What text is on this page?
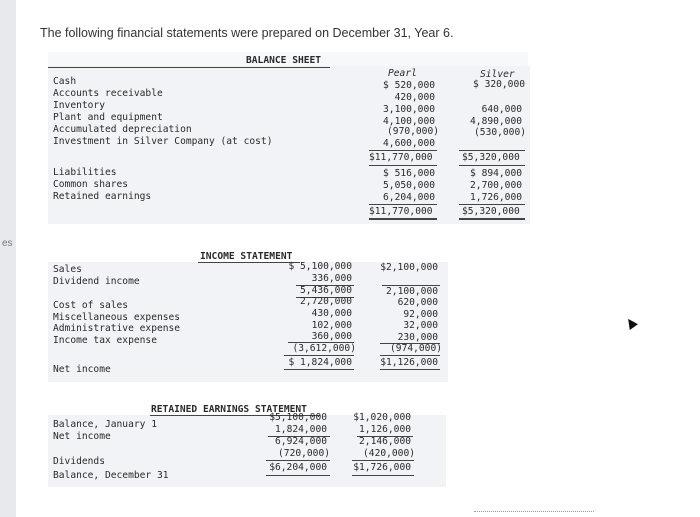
es
The following financial statements were prepared on December 31, Year 6.
BALANCE SHEET
Pearl	Silver
Cash
Accounts receivable
Inventory
Plant and equipment
Accumulated depreciation
Investment in Silver Company (at cost)
$ 520,000
420,000
3,100,000
4,100,000
(970,000)
4,600,000
$11,770,000
$ 320,000
640,000
4,890,000
(530,000)
$5,320,000
Liabilities
Common shares
Retained earnings
$ 516,000
5,050,000
6,204,000
$11,770,000
$ 894,000
2,700,000
1,726,000
$5,320,000
INCOME STATEMENT
Sales
Dividend income
$ 5,100,000
336,000
5,436,000
$2,100,000
Cost of sales
Miscellaneous expenses
Administrative expense
Income tax expense
2,720,000
430,000
102,000
360,000
(3,612,000)
$ 1,824,000
2,100,000
620,000
92,000
32,000
230,000
(974,000)
$1,126,000
Net income
RETAINED EARNINGS STATEMENT
Balance, January 1
Net income
Dividends
Balance, December 31
$5,100,000
1,824,000
6,924,000
(720,000)
$6,204,000
$1,020,000
1,126,000
2,146,000
(420,000)
$1,726,000
